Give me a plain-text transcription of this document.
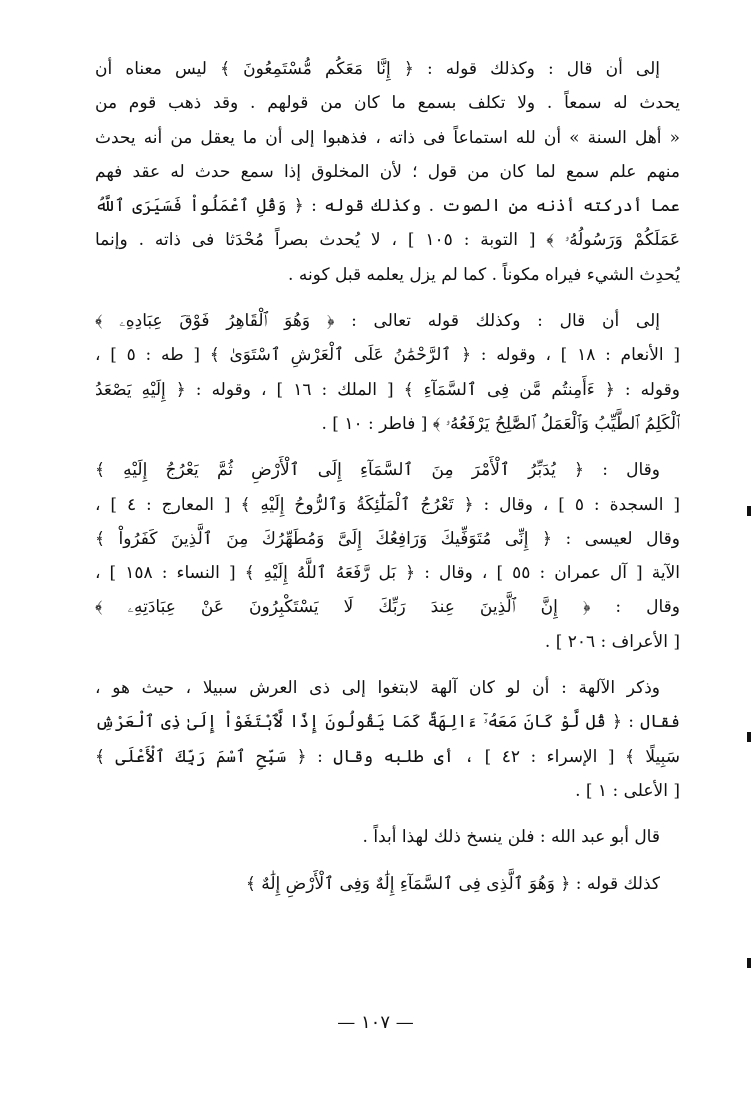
إلى أن قال : وكذلك قوله : ﴿ إِنَّا مَعَكُم مُّسْتَمِعُونَ ﴾ ليس معناه أن
يحدث له سمعاً . ولا تكلف بسمع ما كان من قولهم . وقد ذهب قوم من
« أهل السنة » أن لله استماعاً فى ذاته ، فذهبوا إلى أن ما يعقل من أنه يحدث
منهم علم سمع لما كان من قول ؛ لأن المخلوق إذا سمع حدث له عقد فهم
عما أدركته أذنه من الصوت . وكذلك قوله : ﴿ وَقُلِ ٱعْمَلُواْ فَسَيَرَى ٱللَّهُ
عَمَلَكُمْ وَرَسُولُهُۥ ﴾ [ التوبة : ١٠٥ ] ، لا يُحدث بصراً مُحْدَثا فى ذاته . وإنما
يُحدِث الشيء فيراه مكوناً . كما لم يزل يعلمه قبل كونه .
إلى أن قال : وكذلك قوله تعالى : ﴿ وَهُوَ ٱلْقَاهِرُ فَوْقَ عِبَادِهِۦ ﴾
[ الأنعام : ١٨ ] ، وقوله : ﴿ ٱلرَّحْمَٰنُ عَلَى ٱلْعَرْشِ ٱسْتَوَىٰ ﴾ [ طه : ٥ ] ،
وقوله : ﴿ ءَأَمِنتُم مَّن فِى ٱلسَّمَآءِ ﴾ [ الملك : ١٦ ] ، وقوله : ﴿ إِلَيْهِ يَصْعَدُ
ٱلْكَلِمُ ٱلطَّيِّبُ وَٱلْعَمَلُ ٱلصَّٰلِحُ يَرْفَعُهُۥ ﴾ [ فاطر : ١٠ ] .
وقال : ﴿ يُدَبِّرُ ٱلْأَمْرَ مِنَ ٱلسَّمَآءِ إِلَى ٱلْأَرْضِ ثُمَّ يَعْرُجُ إِلَيْهِ ﴾
[ السجدة : ٥ ] ، وقال : ﴿ تَعْرُجُ ٱلْمَلَٰٓئِكَةُ وَٱلرُّوحُ إِلَيْهِ ﴾ [ المعارج : ٤ ] ،
وقال لعيسى : ﴿ إِنِّى مُتَوَفِّيكَ وَرَافِعُكَ إِلَىَّ وَمُطَهِّرُكَ مِنَ ٱلَّذِينَ كَفَرُواْ ﴾
الآية [ آل عمران : ٥٥ ] ، وقال : ﴿ بَل رَّفَعَهُ ٱللَّهُ إِلَيْهِ ﴾ [ النساء : ١٥٨ ] ،
وقال : ﴿ إِنَّ ٱلَّذِينَ عِندَ رَبِّكَ لَا يَسْتَكْبِرُونَ عَنْ عِبَادَتِهِۦ ﴾
[ الأعراف : ٢٠٦ ] .
وذكر الآلهة : أن لو كان آلهة لابتغوا إلى ذى العرش سبيلا ، حيث هو ،
فقال : ﴿ قُل لَّوْ كَانَ مَعَهُۥٓ ءَالِهَةٌ كَمَا يَقُولُونَ إِذًا لَّٱبْتَغَوْاْ إِلَىٰ ذِى ٱلْعَرْشِ
سَبِيلًا ﴾ [ الإسراء : ٤٢ ] ، أى طلبه وقال : ﴿ سَبِّحِ ٱسْمَ رَبِّكَ ٱلْأَعْلَى ﴾
[ الأعلى : ١ ] .
قال أبو عبد الله : فلن ينسخ ذلك لهذا أبداً .
كذلك قوله : ﴿ وَهُوَ ٱلَّذِى فِى ٱلسَّمَآءِ إِلَٰهٌ وَفِى ٱلْأَرْضِ إِلَٰهٌ ﴾
— ١٠٧ —
